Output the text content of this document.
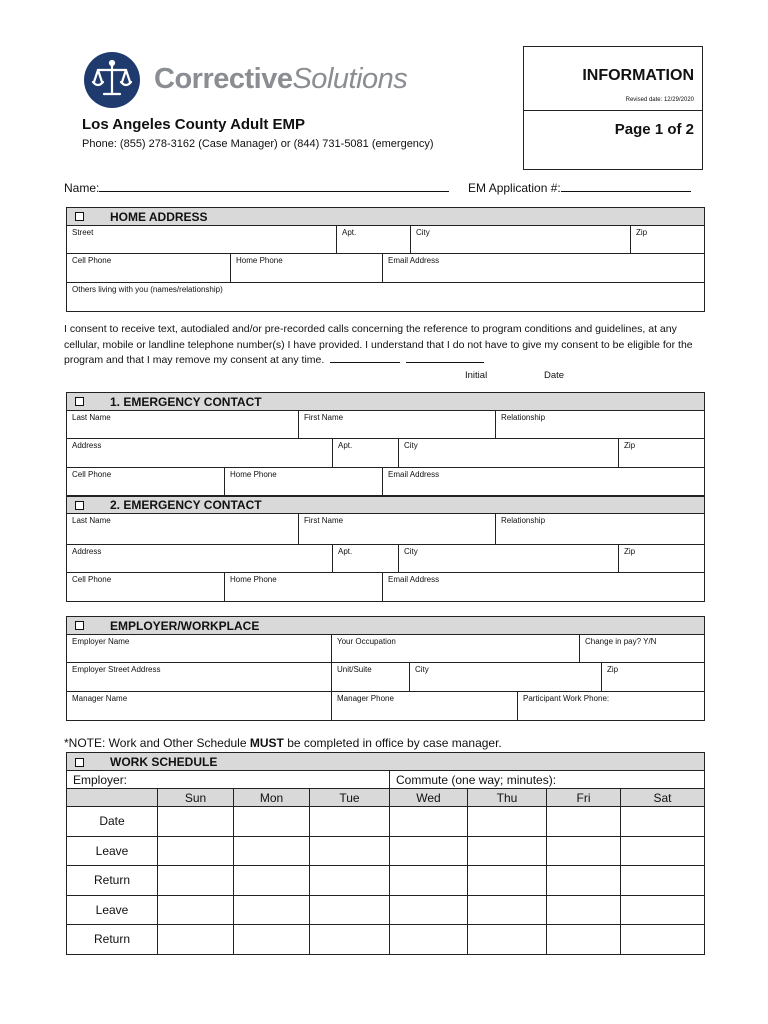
CorrectiveSolutions
Los Angeles County Adult EMP
Phone: (855) 278-3162 (Case Manager) or (844) 731-5081 (emergency)
INFORMATION
Revised date: 12/29/2020
Page 1 of 2
Name:	EM Application #:
HOME ADDRESS
Street	Apt.	City	Zip
Cell Phone	Home Phone	Email Address
Others living with you (names/relationship)
I consent to receive text, autodialed and/or pre-recorded calls concerning the reference to program conditions and guidelines, at any cellular, mobile or landline telephone number(s) I have provided. I understand that I do not have to give my consent to be eligible for the program and that I may remove my consent at any time.
Initial	Date
1. EMERGENCY CONTACT
Last Name	First Name	Relationship
Address	Apt.	City	Zip
Cell Phone	Home Phone	Email Address
2. EMERGENCY CONTACT
Last Name	First Name	Relationship
Address	Apt.	City	Zip
Cell Phone	Home Phone	Email Address
EMPLOYER/WORKPLACE
Employer Name	Your Occupation	Change in pay? Y/N
Employer Street Address	Unit/Suite	City	Zip
Manager Name	Manager Phone	Participant Work Phone:
*NOTE: Work and Other Schedule MUST be completed in office by case manager.
WORK SCHEDULE							
Employer:				Commute (one way; minutes):			
	Sun	Mon	Tue	Wed	Thu	Fri	Sat
Date							
Leave							
Return							
Leave							
Return							
